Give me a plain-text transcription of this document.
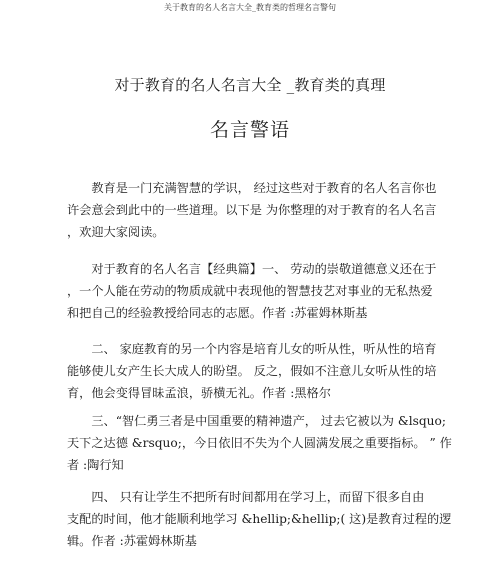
关于教育的名人名言大全_教育类的哲理名言警句
对于教育的名人名言大全 _教育类的真理
名言警语
　　教育是一门充满智慧的学识， 经过这些对于教育的名人名言你也
许会意会到此中的一些道理。以下是 为你整理的对于教育的名人名言
，欢迎大家阅读。
　　对于教育的名人名言【经典篇】一、 劳动的崇敬道德意义还在于
，一个人能在劳动的物质成就中表现他的智慧技艺对事业的无私热爱
和把自己的经验教授给同志的志愿。作者 :苏霍姆林斯基
　　二、 家庭教育的另一个内容是培育儿女的听从性，听从性的培育
能够使儿女产生长大成人的盼望。 反之，假如不注意儿女听从性的培
育，他会变得冒昧孟浪，骄横无礼。作者 :黑格尔
　　三、“智仁勇三者是中国重要的精神遗产， 过去它被以为 &lsquo;
天下之达德 &rsquo;，今日依旧不失为个人圆满发展之重要指标。 ” 作
者 :陶行知
　　四、 只有让学生不把所有时间都用在学习上，而留下很多自由
支配的时间，他才能顺利地学习 &hellip;&hellip;( 这)是教育过程的逻
辑。作者 :苏霍姆林斯基
